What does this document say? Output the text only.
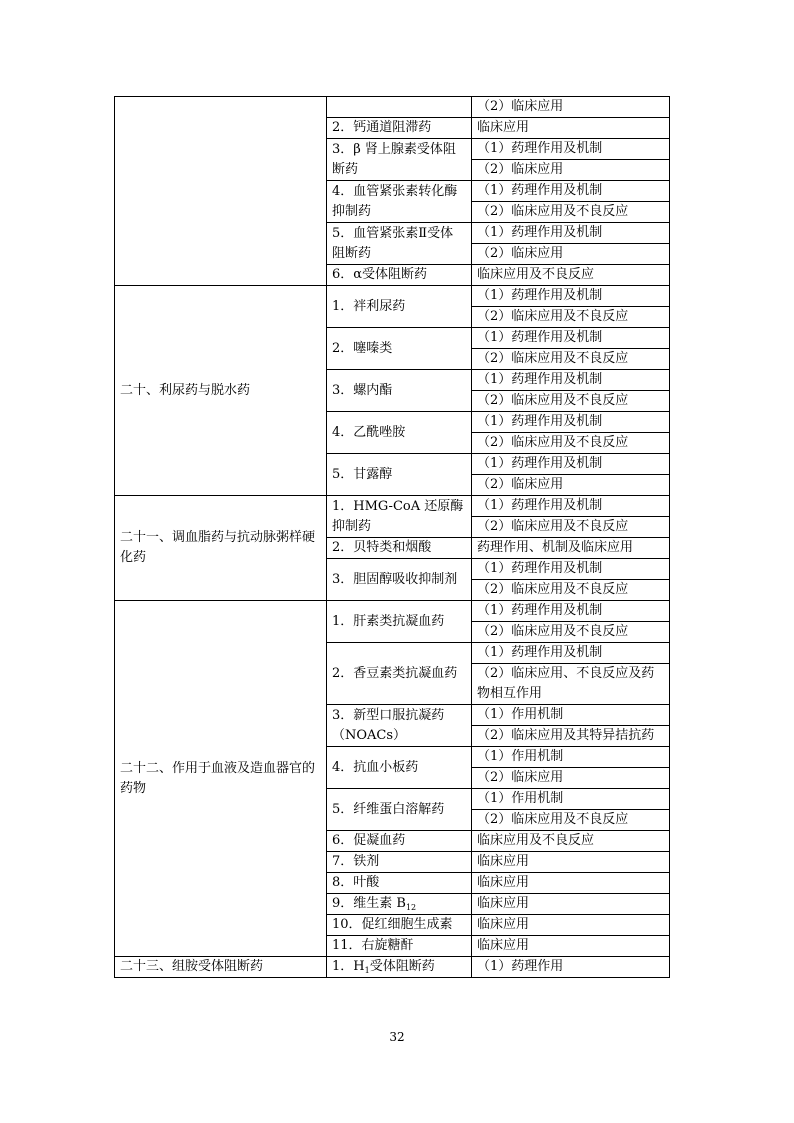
		（2）临床应用
	2．钙通道阻滞药	临床应用
	3．β 肾上腺素受体阻断药	（1）药理作用及机制
		（2）临床应用
	4．血管紧张素转化酶抑制药	（1）药理作用及机制
		（2）临床应用及不良反应
	5．血管紧张素Ⅱ受体阻断药	（1）药理作用及机制
		（2）临床应用
	6．α受体阻断药	临床应用及不良反应
二十、利尿药与脱水药	1．袢利尿药	（1）药理作用及机制
		（2）临床应用及不良反应
	2．噻嗪类	（1）药理作用及机制
		（2）临床应用及不良反应
	3．螺内酯	（1）药理作用及机制
		（2）临床应用及不良反应
	4．乙酰唑胺	（1）药理作用及机制
		（2）临床应用及不良反应
	5．甘露醇	（1）药理作用及机制
		（2）临床应用
二十一、调血脂药与抗动脉粥样硬化药	1．HMG-CoA 还原酶抑制药	（1）药理作用及机制
		（2）临床应用及不良反应
	2．贝特类和烟酸	药理作用、机制及临床应用
	3．胆固醇吸收抑制剂	（1）药理作用及机制
		（2）临床应用及不良反应
二十二、作用于血液及造血器官的药物	1．肝素类抗凝血药	（1）药理作用及机制
		（2）临床应用及不良反应
	2．香豆素类抗凝血药	（1）药理作用及机制
		（2）临床应用、不良反应及药物相互作用
	3．新型口服抗凝药（NOACs）	（1）作用机制
		（2）临床应用及其特异拮抗药
	4．抗血小板药	（1）作用机制
		（2）临床应用
	5．纤维蛋白溶解药	（1）作用机制
		（2）临床应用及不良反应
	6．促凝血药	临床应用及不良反应
	7．铁剂	临床应用
	8．叶酸	临床应用
	9．维生素 $B_{12}$	临床应用
	10．促红细胞生成素	临床应用
	11．右旋糖酐	临床应用
二十三、组胺受体阻断药	1．$H_1$受体阻断药	（1）药理作用
32
